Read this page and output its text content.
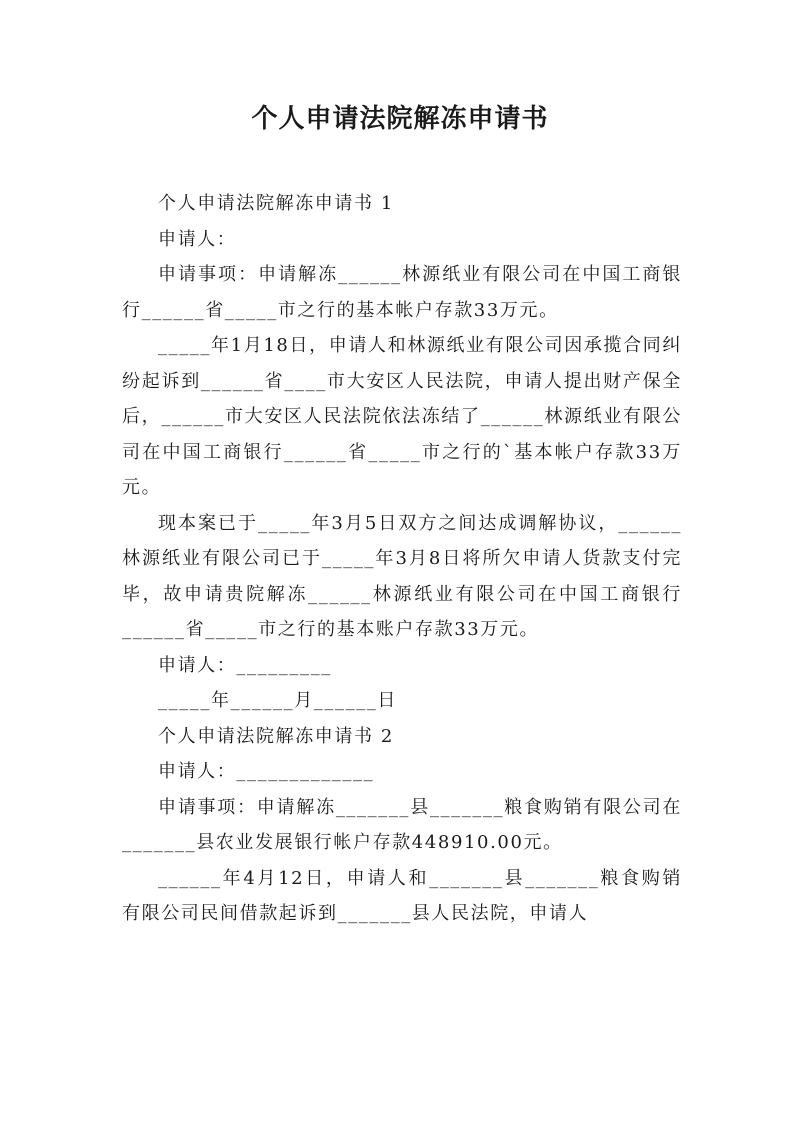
个人申请法院解冻申请书

个人申请法院解冻申请书 1

申请人：

申请事项：申请解冻______林源纸业有限公司在中国工商银行______省_____市之行的基本帐户存款33万元。

_____年1月18日，申请人和林源纸业有限公司因承揽合同纠纷起诉到______省____市大安区人民法院，申请人提出财产保全后，______市大安区人民法院依法冻结了______林源纸业有限公司在中国工商银行______省_____市之行的`基本帐户存款33万元。

现本案已于_____年3月5日双方之间达成调解协议，______林源纸业有限公司已于_____年3月8日将所欠申请人货款支付完毕，故申请贵院解冻______林源纸业有限公司在中国工商银行______省_____市之行的基本账户存款33万元。

申请人：_________

_____年______月______日

个人申请法院解冻申请书 2

申请人：_____________

申请事项：申请解冻_______县_______粮食购销有限公司在_______县农业发展银行帐户存款448910.00元。

______年4月12日，申请人和_______县_______粮食购销有限公司民间借款起诉到_______县人民法院，申请人
